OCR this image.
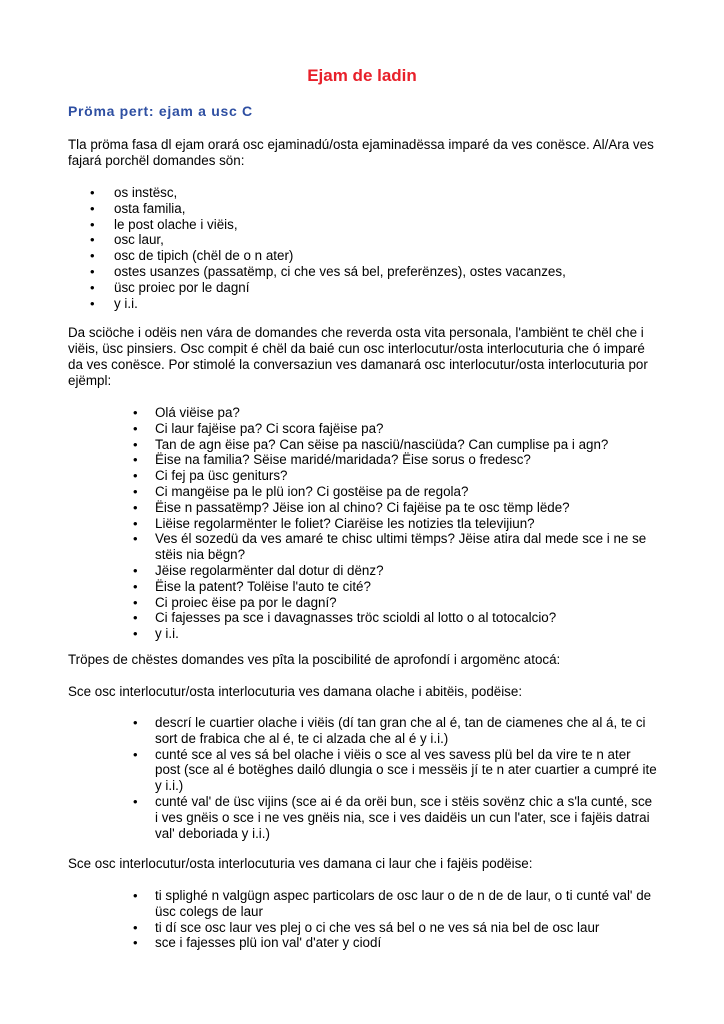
Ejam de ladin
Pröma pert: ejam a usc C

Tla pröma fasa dl ejam orará osc ejaminadú/osta ejaminadëssa imparé da ves conësce. Al/Ara ves fajará porchël domandes sön:

•	os instësc,
•	osta familia,
•	le post olache i viëis,
•	osc laur,
•	osc de tipich (chël de o n ater)
•	ostes usanzes (passatëmp, ci che ves sá bel, preferënzes), ostes vacanzes,
•	üsc proiec por le dagní
•	y i.i.

Da sciöche i odëis nen vára de domandes che reverda osta vita personala, l'ambiënt te chël che i viëis, üsc pinsiers. Osc compit é chël da baié cun osc interlocutur/osta interlocuturia che ó imparé da ves conësce. Por stimolé la conversaziun ves damanará osc interlocutur/osta interlocuturia por ejëmpl:

•	Olá viëise pa?
•	Ci laur fajëise pa? Ci scora fajëise pa?
•	Tan de agn ëise pa? Can sëise pa nasciü/nasciüda? Can cumplise pa i agn?
•	Ëise na familia? Sëise maridé/maridada? Ëise sorus o fredesc?
•	Ci fej pa üsc geniturs?
•	Ci mangëise pa le plü ion? Ci gostëise pa de regola?
•	Ëise n passatëmp? Jëise ion al chino? Ci fajëise pa te osc tëmp lëde?
•	Liëise regolarmënter le foliet? Ciarëise les notizies tla televijiun?
•	Ves él sozedü da ves amaré te chisc ultimi tëmps? Jëise atira dal mede sce i ne se stëis nia bëgn?
•	Jëise regolarmënter dal dotur di dënz?
•	Ëise la patent? Tolëise l'auto te cité?
•	Ci proiec ëise pa por le dagní?
•	Ci fajesses pa sce i davagnasses tröc scioldi al lotto o al totocalcio?
•	y i.i.

Tröpes de chëstes domandes ves pîta la poscibilité de aprofondí i argomënc atocá:

Sce osc interlocutur/osta interlocuturia ves damana olache i abitëis, podëise:

•	descrí le cuartier olache i viëis (dí tan gran che al é, tan de ciamenes che al á, te ci sort de frabica che al é, te ci alzada che al é y i.i.)
•	cunté sce al ves sá bel olache i viëis o sce al ves savess plü bel da vire te n ater post (sce al é botëghes dailó dlungia o sce i messëis jí te n ater cuartier a cumpré ite y i.i.)
•	cunté val' de üsc vijins (sce ai é da orëi bun, sce i stëis sovënz chic a s'la cunté, sce i ves gnëis o sce i ne ves gnëis nia, sce i ves daidëis un cun l'ater, sce i fajëis datrai val' deboriada y i.i.)

Sce osc interlocutur/osta interlocuturia ves damana ci laur che i fajëis podëise:

•	ti splighé n valgügn aspec particolars de osc laur o de n de de laur, o ti cunté val' de üsc colegs de laur
•	ti dí sce osc laur ves plej o ci che ves sá bel o ne ves sá nia bel de osc laur
•	sce i fajesses plü ion val' d'ater y ciodí
